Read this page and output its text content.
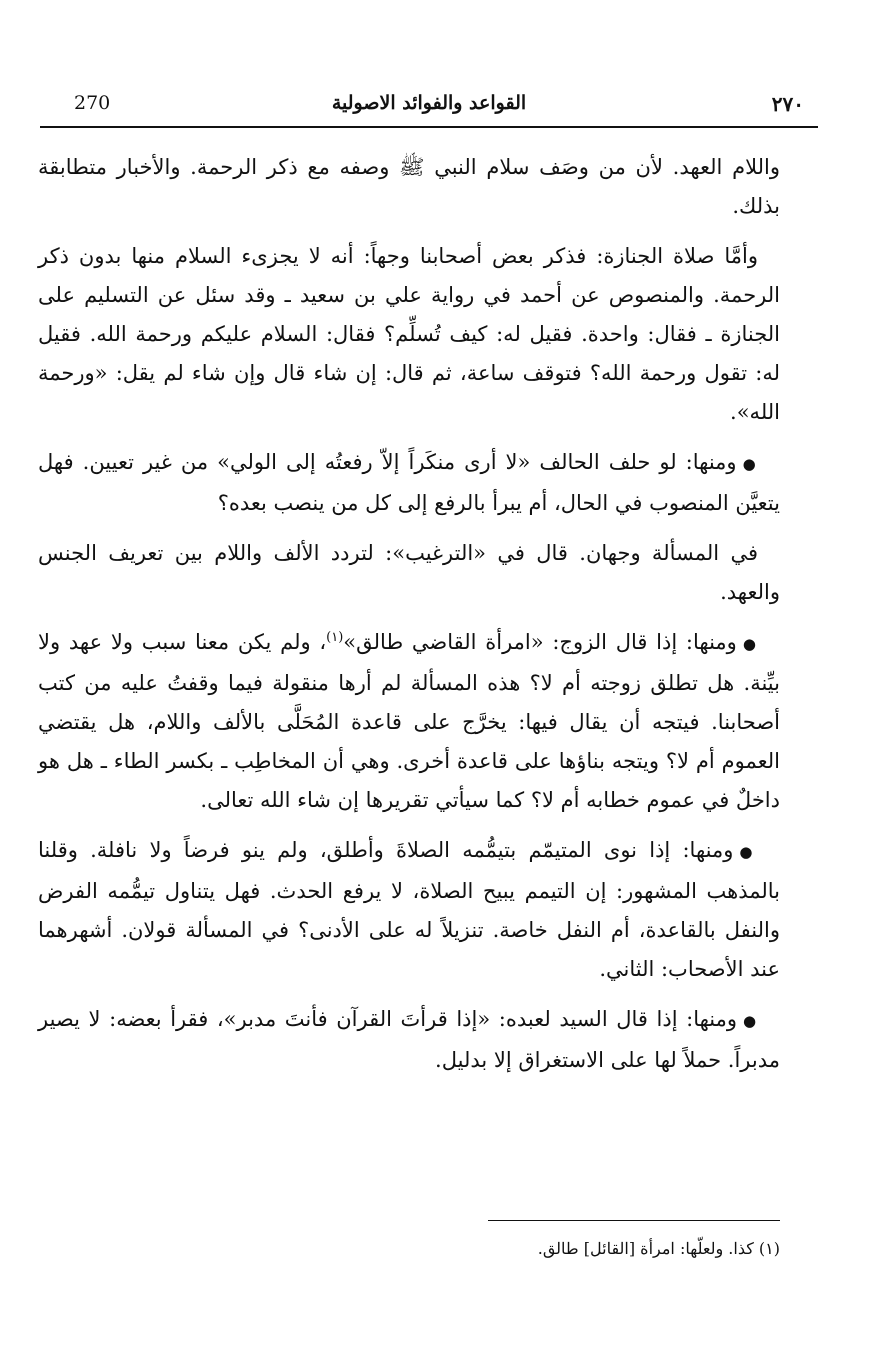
270	القواعد والفوائد الاصولية	٢٧٠

واللام العهد. لأن من وصَف سلام النبي ﷺ وصفه مع ذكر الرحمة. والأخبار متطابقة بذلك.

وأمَّا صلاة الجنازة: فذكر بعض أصحابنا وجهاً: أنه لا يجزىء السلام منها بدون ذكر الرحمة. والمنصوص عن أحمد في رواية علي بن سعيد ـ وقد سئل عن التسليم على الجنازة ـ فقال: واحدة. فقيل له: كيف تُسلِّم؟ فقال: السلام عليكم ورحمة الله. فقيل له: تقول ورحمة الله؟ فتوقف ساعة، ثم قال: إن شاء قال وإن شاء لم يقل: «ورحمة الله».

●ومنها: لو حلف الحالف «لا أرى منكَراً إلاّ رفعتُه إلى الولي» من غير تعيين. فهل يتعيَّن المنصوب في الحال، أم يبرأ بالرفع إلى كل من ينصب بعده؟

في المسألة وجهان. قال في «الترغيب»: لتردد الألف واللام بين تعريف الجنس والعهد.

●ومنها: إذا قال الزوج: «امرأة القاضي طالق»$^{(١)}$، ولم يكن معنا سبب ولا عهد ولا بيِّنة. هل تطلق زوجته أم لا؟ هذه المسألة لم أرها منقولة فيما وقفتُ عليه من كتب أصحابنا. فيتجه أن يقال فيها: يخرَّج على قاعدة المُحَلَّى بالألف واللام، هل يقتضي العموم أم لا؟ ويتجه بناؤها على قاعدة أخرى. وهي أن المخاطِب ـ بكسر الطاء ـ هل هو داخلٌ في عموم خطابه أم لا؟ كما سيأتي تقريرها إن شاء الله تعالى.

●ومنها: إذا نوى المتيمّم بتيمُّمه الصلاةَ وأطلق، ولم ينو فرضاً ولا نافلة. وقلنا بالمذهب المشهور: إن التيمم يبيح الصلاة، لا يرفع الحدث. فهل يتناول تيمُّمه الفرض والنفل بالقاعدة، أم النفل خاصة. تنزيلاً له على الأدنى؟ في المسألة قولان. أشهرهما عند الأصحاب: الثاني.

●ومنها: إذا قال السيد لعبده: «إذا قرأتَ القرآن فأنتَ مدبر»، فقرأ بعضه: لا يصير مدبراً. حملاً لها على الاستغراق إلا بدليل.

(١) كذا. ولعلّها: امرأة [القائل] طالق.
